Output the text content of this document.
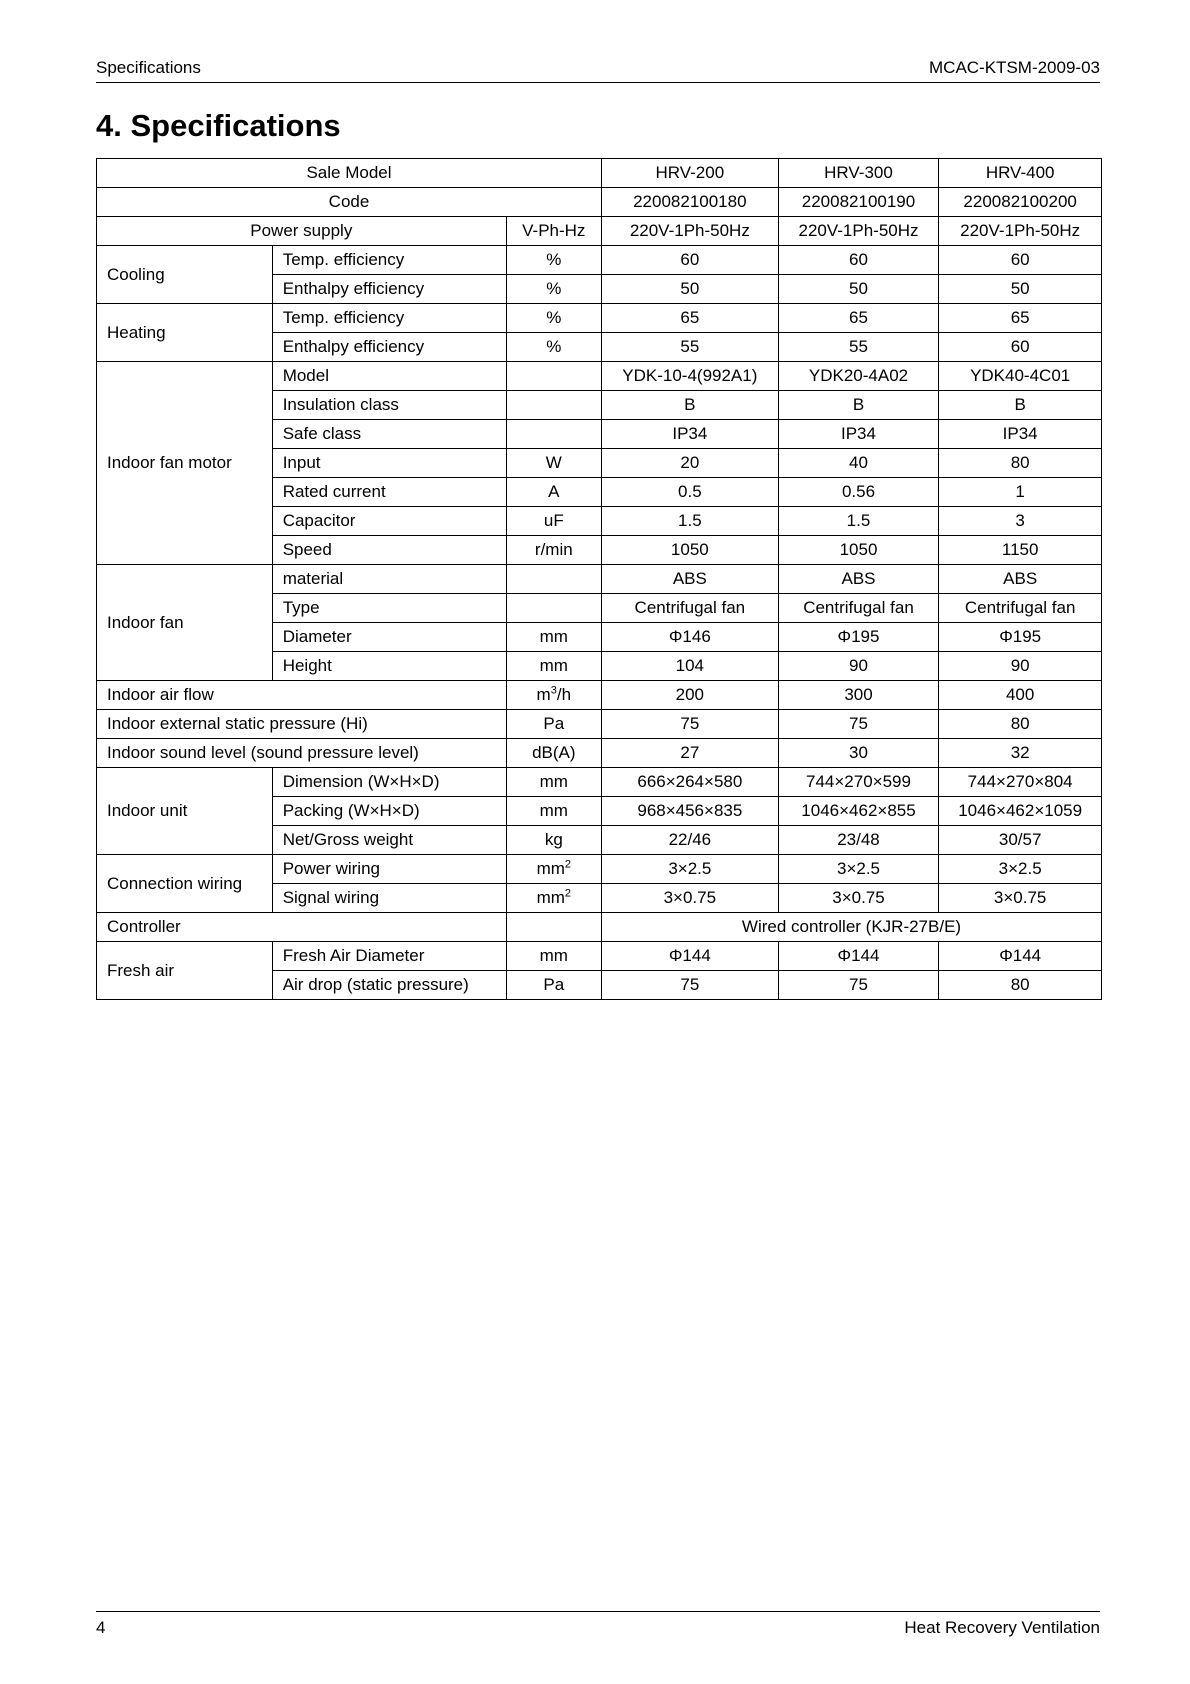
Specifications	MCAC-KTSM-2009-03
4. Specifications
Sale Model			HRV-200	HRV-300	HRV-400
Code			220082100180	220082100190	220082100200
Power supply		V-Ph-Hz	220V-1Ph-50Hz	220V-1Ph-50Hz	220V-1Ph-50Hz
Cooling	Temp. efficiency	%	60	60	60
	Enthalpy efficiency	%	50	50	50
Heating	Temp. efficiency	%	65	65	65
	Enthalpy efficiency	%	55	55	60
Indoor fan motor	Model		YDK-10-4(992A1)	YDK20-4A02	YDK40-4C01
	Insulation class		B	B	B
	Safe class		IP34	IP34	IP34
	Input	W	20	40	80
	Rated current	A	0.5	0.56	1
	Capacitor	uF	1.5	1.5	3
	Speed	r/min	1050	1050	1150
Indoor fan	material		ABS	ABS	ABS
	Type		Centrifugal fan	Centrifugal fan	Centrifugal fan
	Diameter	mm	Φ146	Φ195	Φ195
	Height	mm	104	90	90
Indoor air flow		$m^3/h$	200	300	400
Indoor external static pressure (Hi)		Pa	75	75	80
Indoor sound level (sound pressure level)		dB(A)	27	30	32
Indoor unit	Dimension (W×H×D)	mm	666×264×580	744×270×599	744×270×804
	Packing (W×H×D)	mm	968×456×835	1046×462×855	1046×462×1059
	Net/Gross weight	kg	22/46	23/48	30/57
Connection wiring	Power wiring	$mm^2$	3×2.5	3×2.5	3×2.5
	Signal wiring	$mm^2$	3×0.75	3×0.75	3×0.75
Controller			Wired controller (KJR-27B/E)		
Fresh air	Fresh Air Diameter	mm	Φ144	Φ144	Φ144
	Air drop (static pressure)	Pa	75	75	80
4	Heat Recovery Ventilation
